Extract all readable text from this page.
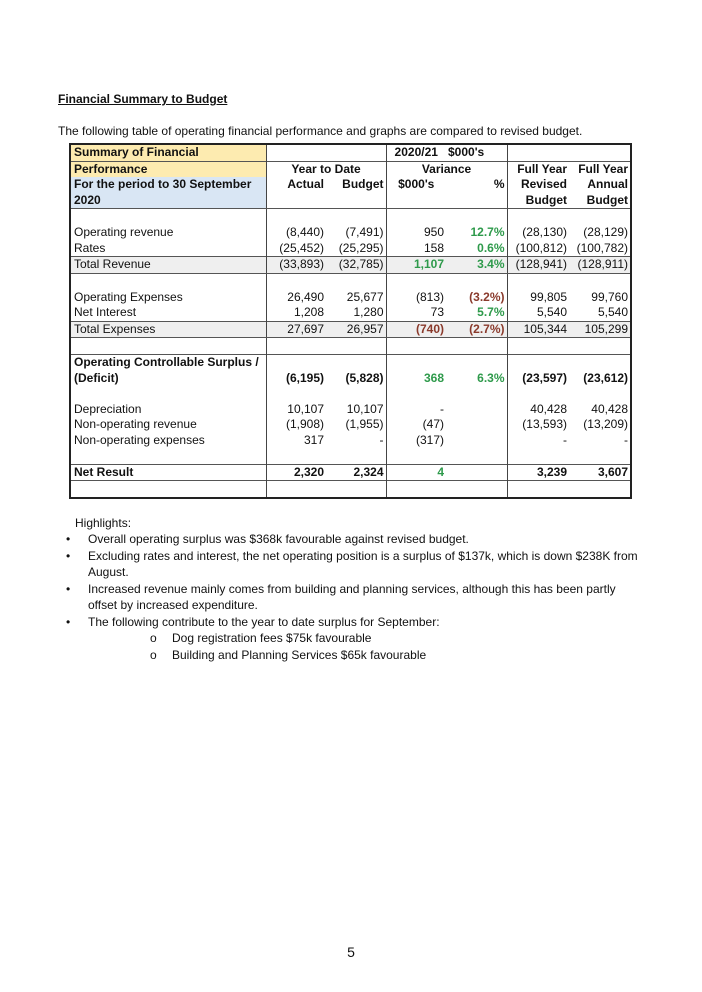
Financial Summary to Budget
The following table of operating financial performance and graphs are compared to revised budget.
Summary of Financial			2020/21	$000's		
Performance	Year to Date		Variance		Full Year	Full Year
For the period to 30 September	Actual	Budget	$000's	%	Revised	Annual
2020					Budget	Budget

Operating revenue	(8,440)	(7,491)	950	12.7%	(28,130)	(28,129)
Rates	(25,452)	(25,295)	158	0.6%	(100,812)	(100,782)
Total Revenue	(33,893)	(32,785)	1,107	3.4%	(128,941)	(128,911)

Operating Expenses	26,490	25,677	(813)	(3.2%)	99,805	99,760
Net Interest	1,208	1,280	73	5.7%	5,540	5,540
Total Expenses	27,697	26,957	(740)	(2.7%)	105,344	105,299

Operating Controllable Surplus /						
(Deficit)	(6,195)	(5,828)	368	6.3%	(23,597)	(23,612)

Depreciation	10,107	10,107	-		40,428	40,428
Non-operating revenue	(1,908)	(1,955)	(47)		(13,593)	(13,209)
Non-operating expenses	317	-	(317)		-	-

Net Result	2,320	2,324	4		3,239	3,607

Highlights:
• Overall operating surplus was $368k favourable against revised budget.
• Excluding rates and interest, the net operating position is a surplus of $137k, which is down $238K from August.
• Increased revenue mainly comes from building and planning services, although this has been partly offset by increased expenditure.
• The following contribute to the year to date surplus for September:
o Dog registration fees $75k favourable
o Building and Planning Services $65k favourable
5
